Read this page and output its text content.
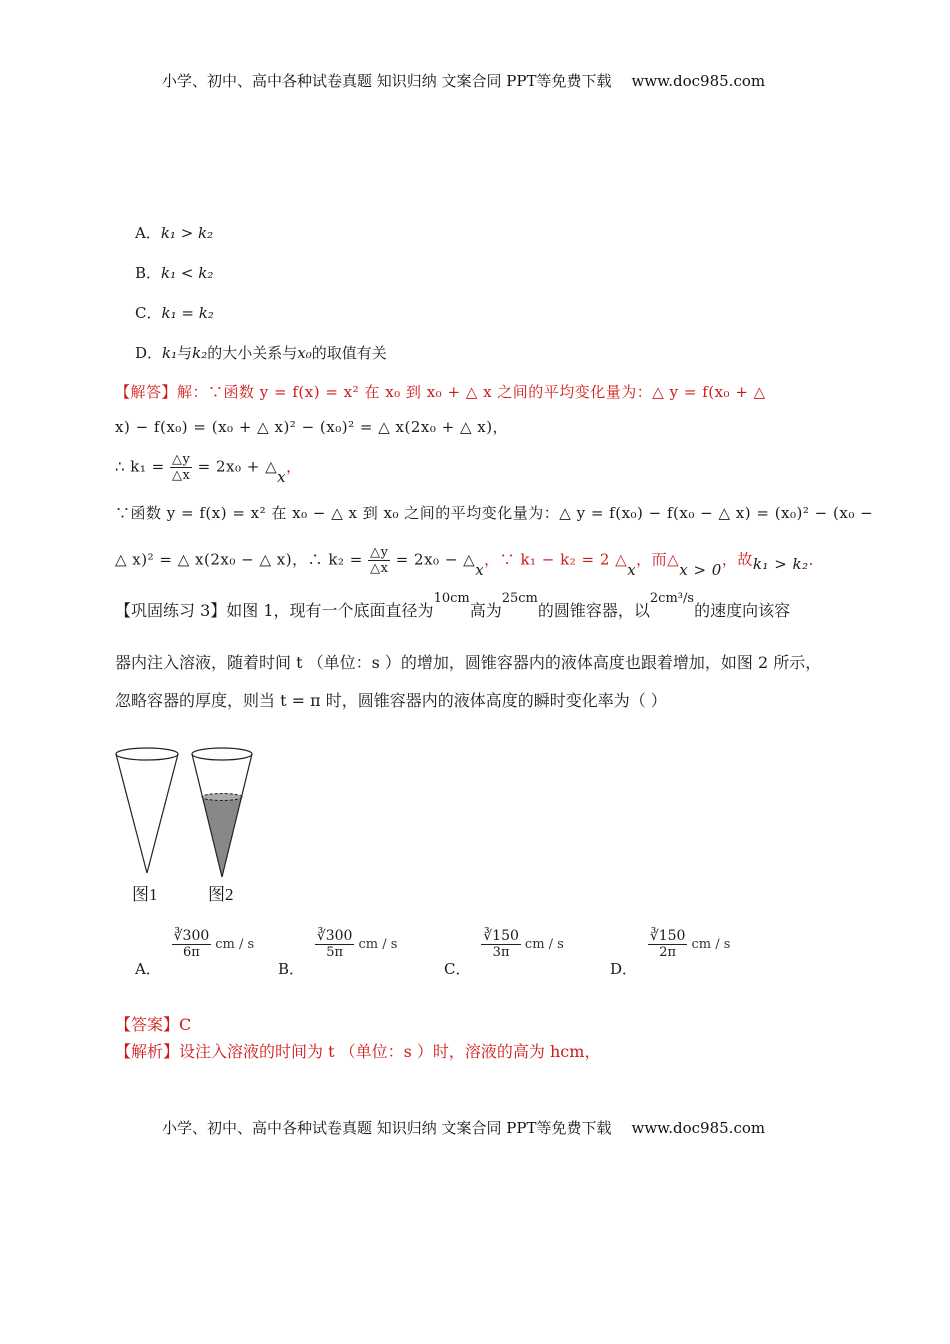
小学、初中、高中各种试卷真题 知识归纳 文案合同 PPT等免费下载 www.doc985.com
A．k₁ > k₂
B．k₁ < k₂
C．k₁ = k₂
D．k₁与k₂的大小关系与x₀的取值有关
【解答】解：∵函数 y = f(x) = x² 在 x₀ 到 x₀ + △ x 之间的平均变化量为：△ y = f(x₀ + △
x) − f(x₀) = (x₀ + △ x)² − (x₀)² = △ x(2x₀ + △ x)，
∴ $k_1 = \frac{\triangle y}{\triangle x} = 2x_0$ + △x，
∵函数 y = f(x) = x² 在 x₀ − △ x 到 x₀ 之间的平均变化量为：△ y = f(x₀) − f(x₀ − △ x) = (x₀)² − (x₀ −
△ x)² = △ x(2x₀ − △ x)，∴ $k_2 = \frac{\triangle y}{\triangle x} = 2x_0$ − △x，∵ k₁ − k₂ = 2 △x，而△x > 0，故k₁ > k₂．
【巩固练习 3】如图 1，现有一个底面直径为$^{10cm}$高为$^{25cm}$的圆锥容器，以$^{2cm^3/s}$的速度向该容
器内注入溶液，随着时间 t （单位：s ）的增加，圆锥容器内的液体高度也跟着增加，如图 2 所示，
忽略容器的厚度，则当 t = π 时，圆锥容器内的液体高度的瞬时变化率为（ ）
图1	图2
A．
$\frac{∛300}{6\pi}$ cm / s
B．
$\frac{∛300}{5\pi}$ cm / s
C．
$\frac{∛150}{3\pi}$ cm / s
D．
$\frac{∛150}{2\pi}$ cm / s
【答案】C
【解析】设注入溶液的时间为 t （单位：s ）时，溶液的高为 hcm，
小学、初中、高中各种试卷真题 知识归纳 文案合同 PPT等免费下载 www.doc985.com
